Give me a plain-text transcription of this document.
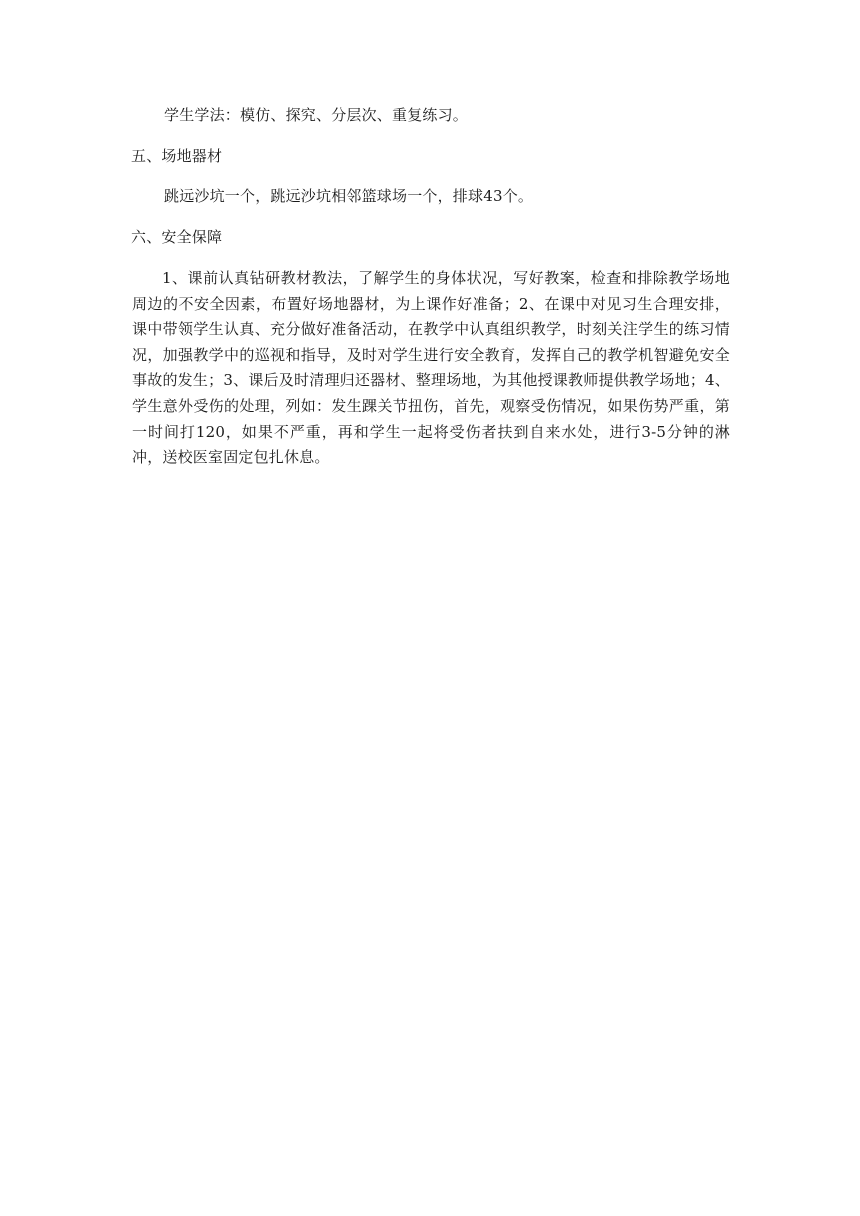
学生学法：模仿、探究、分层次、重复练习。
五、场地器材
跳远沙坑一个，跳远沙坑相邻篮球场一个，排球43个。
六、安全保障
1、课前认真钻研教材教法，了解学生的身体状况，写好教案，检查和排除教学场地周边的不安全因素，布置好场地器材，为上课作好准备；2、在课中对见习生合理安排，课中带领学生认真、充分做好准备活动，在教学中认真组织教学，时刻关注学生的练习情况，加强教学中的巡视和指导，及时对学生进行安全教育，发挥自己的教学机智避免安全事故的发生；3、课后及时清理归还器材、整理场地，为其他授课教师提供教学场地；4、学生意外受伤的处理，列如：发生踝关节扭伤，首先，观察受伤情况，如果伤势严重，第一时间打120，如果不严重，再和学生一起将受伤者扶到自来水处，进行3-5分钟的淋冲，送校医室固定包扎休息。
